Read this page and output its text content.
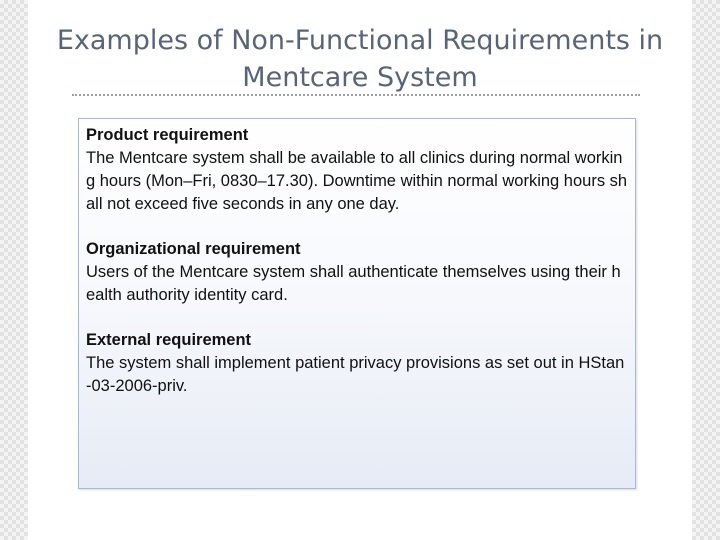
Examples of Non-Functional Requirements in Mentcare System
Product requirement
The Mentcare system shall be available to all clinics during normal working hours (Mon–Fri, 0830–17.30). Downtime within normal working hours shall not exceed five seconds in any one day.
Organizational requirement
Users of the Mentcare system shall authenticate themselves using their health authority identity card.
External requirement
The system shall implement patient privacy provisions as set out in HStan-03-2006-priv.
